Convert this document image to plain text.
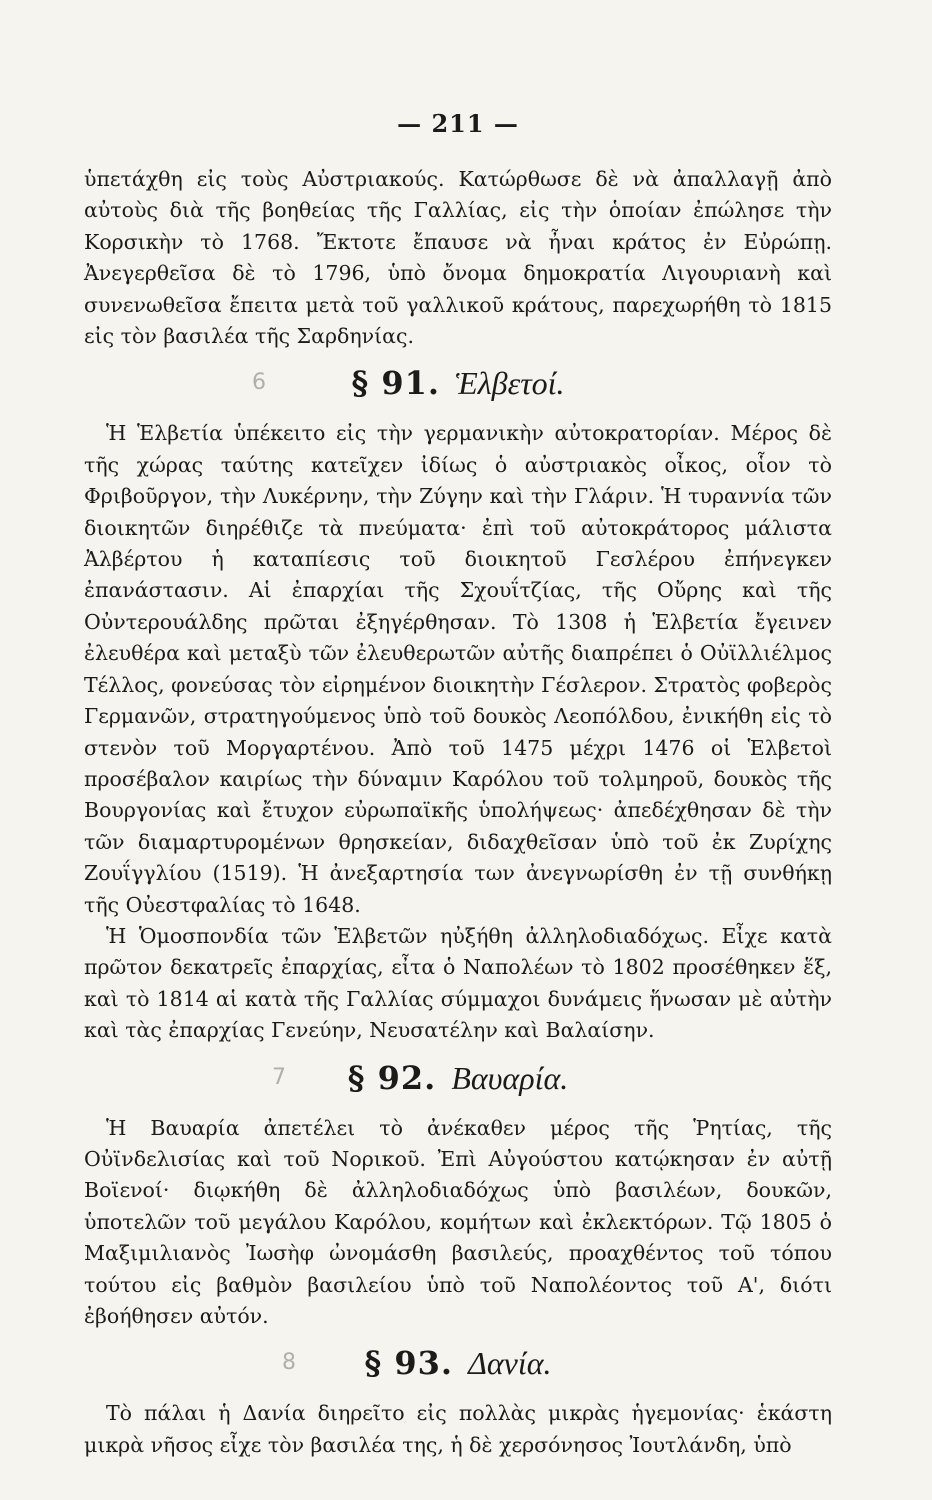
— 211 —

ὑπετάχθη εἰς τοὺς Αὐστριακούς. Κατώρθωσε δὲ νὰ ἀπαλλαγῇ ἀπὸ αὐτοὺς διὰ τῆς βοηθείας τῆς Γαλλίας, εἰς τὴν ὁποίαν ἐπώλησε τὴν Κορσικὴν τὸ 1768. Ἔκτοτε ἔπαυσε νὰ ἦναι κράτος ἐν Εὐρώπῃ. Ἀνεγερθεῖσα δὲ τὸ 1796, ὑπὸ ὄνομα δημοκρατία Λιγουριανὴ καὶ συνενωθεῖσα ἔπειτα μετὰ τοῦ γαλλικοῦ κράτους, παρεχωρήθη τὸ 1815 εἰς τὸν βασιλέα τῆς Σαρδηνίας.

6	§ 91. Ἑλβετοί.

Ἡ Ἑλβετία ὑπέκειτο εἰς τὴν γερμανικὴν αὐτοκρατορίαν. Μέρος δὲ τῆς χώρας ταύτης κατεῖχεν ἰδίως ὁ αὐστριακὸς οἶκος, οἷον τὸ Φριβοῦργον, τὴν Λυκέρνην, τὴν Ζύγην καὶ τὴν Γλάριν. Ἡ τυραννία τῶν διοικητῶν διηρέθιζε τὰ πνεύματα· ἐπὶ τοῦ αὐτοκράτορος μάλιστα Ἀλβέρτου ἡ καταπίεσις τοῦ διοικητοῦ Γεσλέρου ἐπήνεγκεν ἐπανάστασιν. Αἱ ἐπαρχίαι τῆς Σχουΐτζίας, τῆς Οὔρης καὶ τῆς Οὐντερουάλδης πρῶται ἐξηγέρθησαν. Τὸ 1308 ἡ Ἑλβετία ἔγεινεν ἐλευθέρα καὶ μεταξὺ τῶν ἐλευθερωτῶν αὐτῆς διαπρέπει ὁ Οὐϊλλιέλμος Τέλλος, φονεύσας τὸν εἰρημένον διοικητὴν Γέσλερον. Στρατὸς φοβερὸς Γερμανῶν, στρατηγούμενος ὑπὸ τοῦ δουκὸς Λεοπόλδου, ἐνικήθη εἰς τὸ στενὸν τοῦ Μοργαρτένου. Ἀπὸ τοῦ 1475 μέχρι 1476 οἱ Ἑλβετοὶ προσέβαλον καιρίως τὴν δύναμιν Καρόλου τοῦ τολμηροῦ, δουκὸς τῆς Βουργονίας καὶ ἔτυχον εὐρωπαϊκῆς ὑπολήψεως· ἀπεδέχθησαν δὲ τὴν τῶν διαμαρτυρομένων θρησκείαν, διδαχθεῖσαν ὑπὸ τοῦ ἐκ Ζυρίχης Ζουΐγγλίου (1519). Ἡ ἀνεξαρτησία των ἀνεγνωρίσθη ἐν τῇ συνθήκῃ τῆς Οὐεστφαλίας τὸ 1648.

Ἡ Ὁμοσπονδία τῶν Ἑλβετῶν ηὐξήθη ἀλληλοδιαδόχως. Εἶχε κατὰ πρῶτον δεκατρεῖς ἐπαρχίας, εἶτα ὁ Ναπολέων τὸ 1802 προσέθηκεν ἕξ, καὶ τὸ 1814 αἱ κατὰ τῆς Γαλλίας σύμμαχοι δυνάμεις ἥνωσαν μὲ αὐτὴν καὶ τὰς ἐπαρχίας Γενεύην, Νευσατέλην καὶ Βαλαίσην.

7 § 92. Βαυαρία.

Ἡ Βαυαρία ἀπετέλει τὸ ἀνέκαθεν μέρος τῆς Ῥητίας, τῆς Οὐϊνδελισίας καὶ τοῦ Νορικοῦ. Ἐπὶ Αὐγούστου κατῴκησαν ἐν αὐτῇ Βοϊενοί· διῳκήθη δὲ ἀλληλοδιαδόχως ὑπὸ βασιλέων, δουκῶν, ὑποτελῶν τοῦ μεγάλου Καρόλου, κομήτων καὶ ἐκλεκτόρων. Τῷ 1805 ὁ Μαξιμιλιανὸς Ἰωσὴφ ὠνομάσθη βασιλεύς, προαχθέντος τοῦ τόπου τούτου εἰς βαθμὸν βασιλείου ὑπὸ τοῦ Ναπολέοντος τοῦ Α', διότι ἐβοήθησεν αὐτόν.

8 § 93. Δανία.

Τὸ πάλαι ἡ Δανία διηρεῖτο εἰς πολλὰς μικρὰς ἡγεμονίας· ἑκάστη μικρὰ νῆσος εἶχε τὸν βασιλέα της, ἡ δὲ χερσόνησος Ἰουτλάνδη, ὑπὸ
